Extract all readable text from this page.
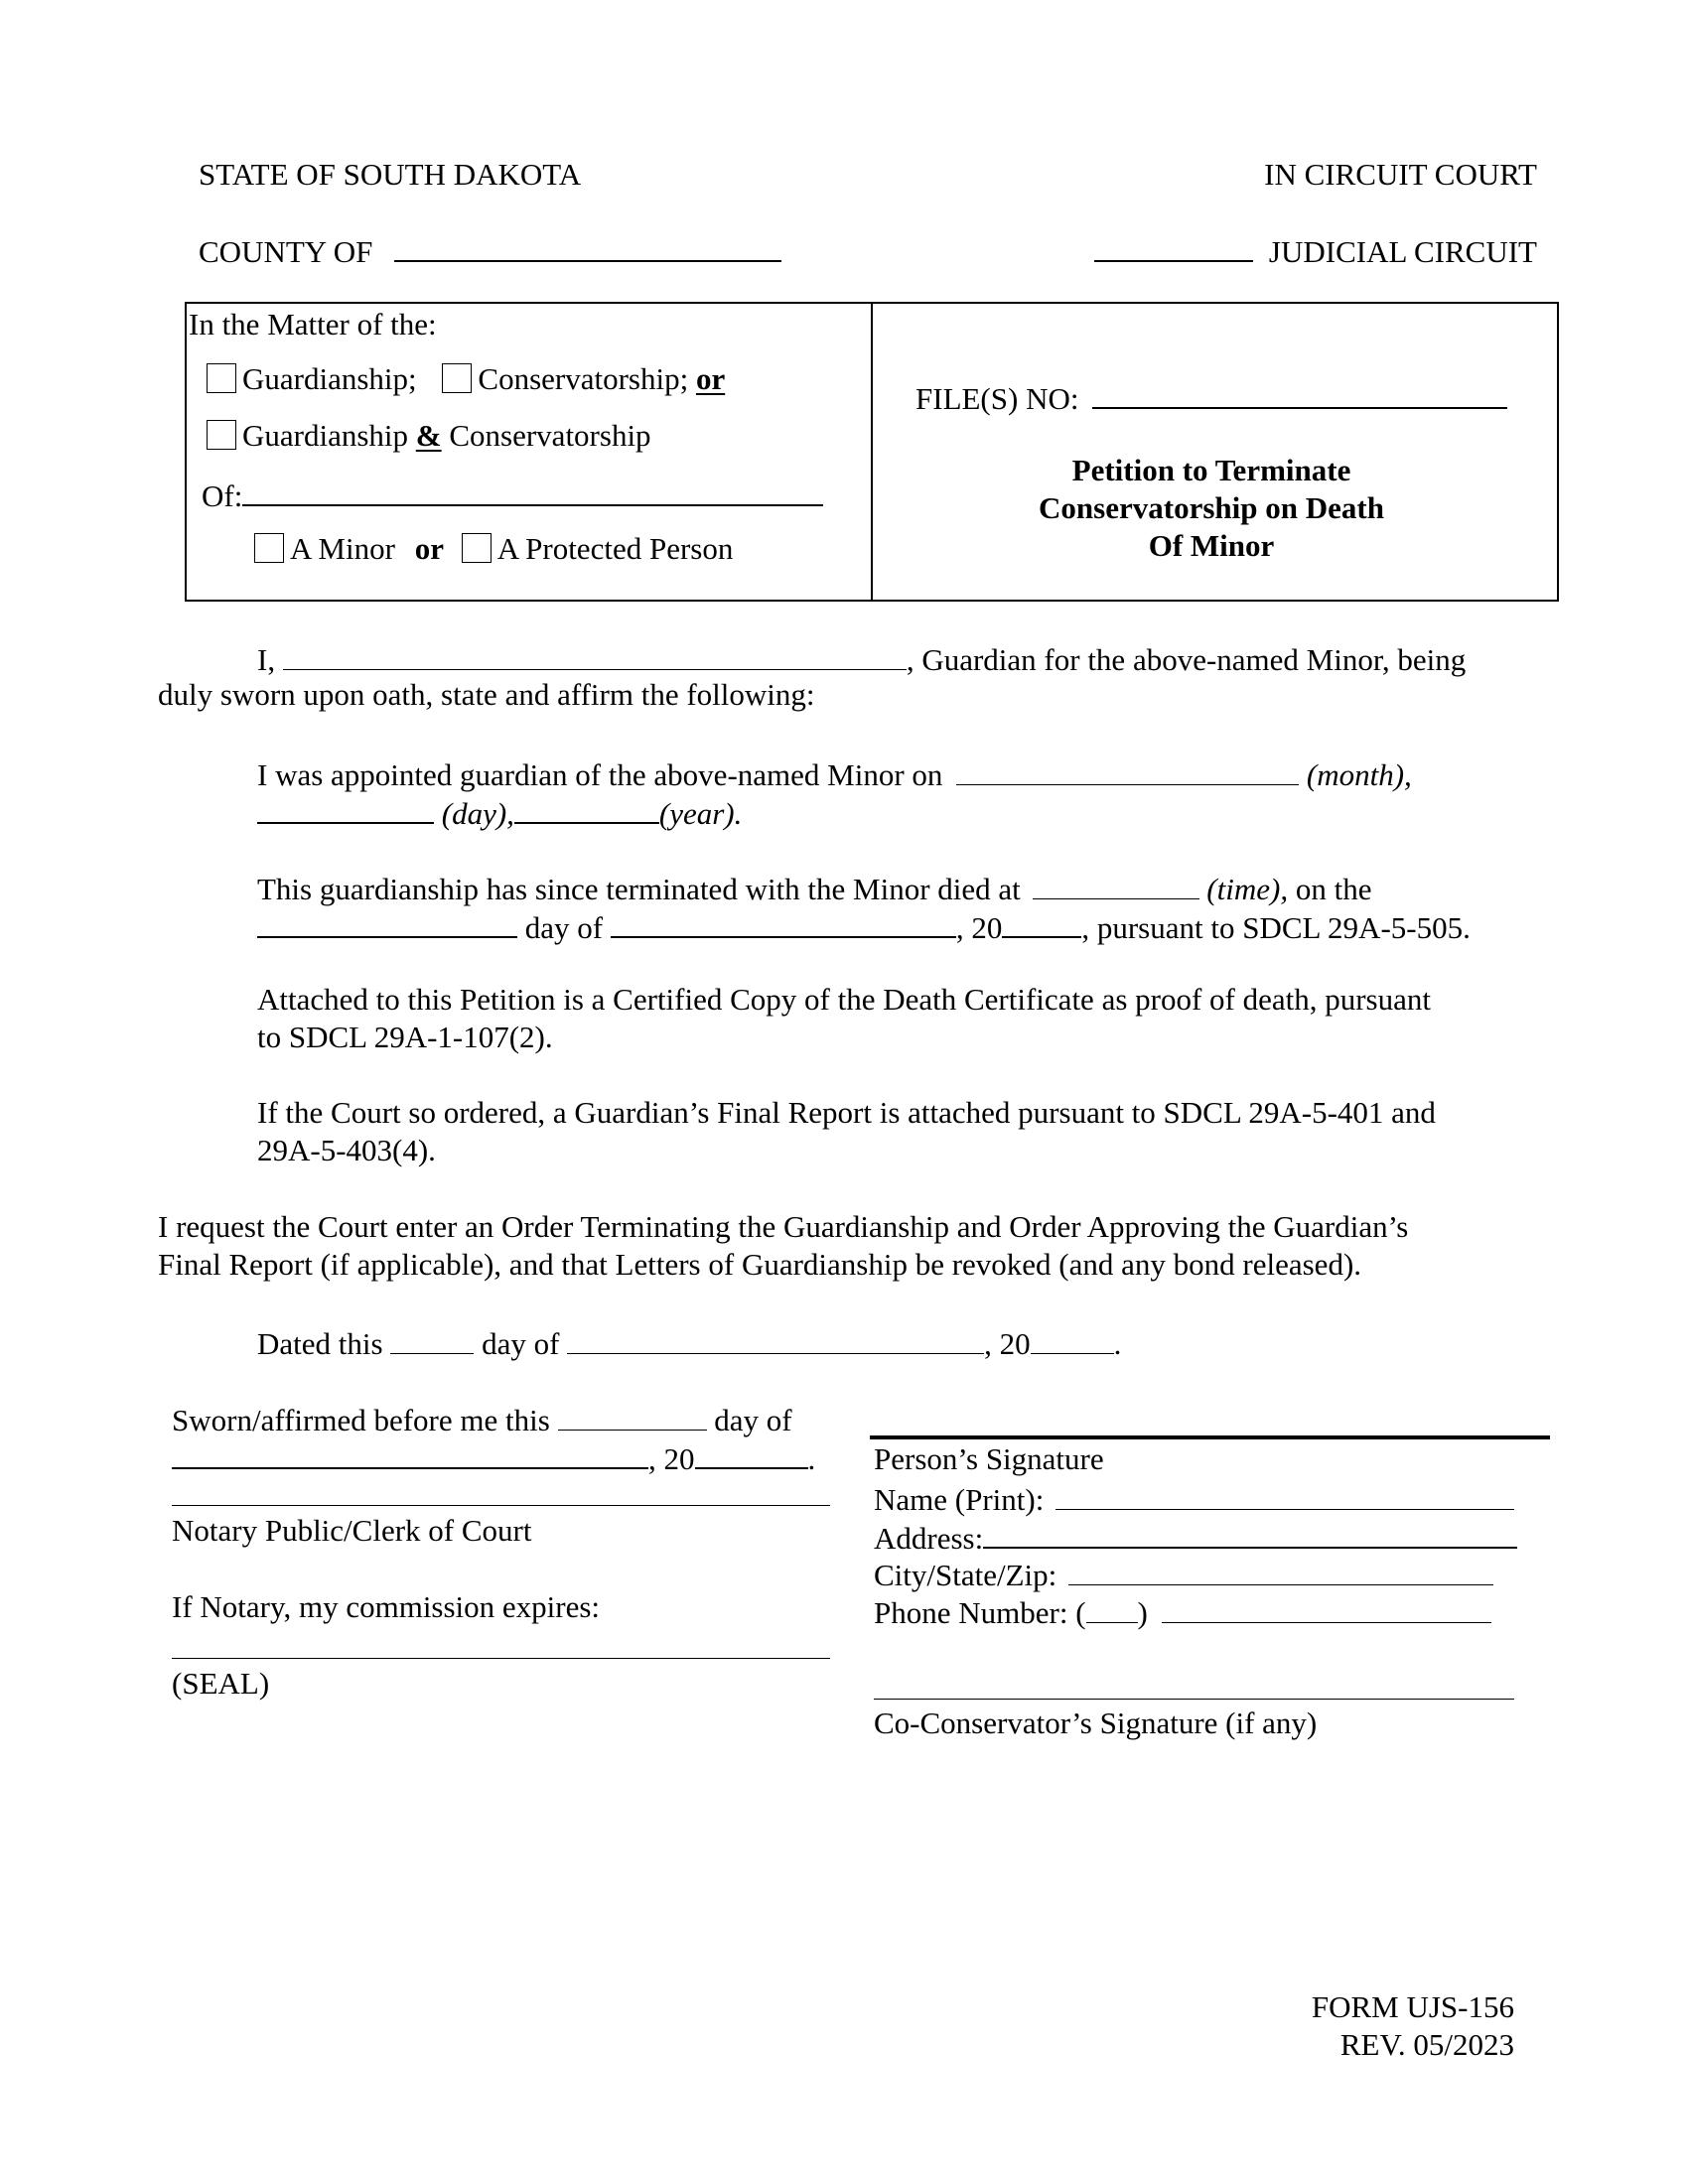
STATE OF SOUTH DAKOTA	IN CIRCUIT COURT
COUNTY OF	JUDICIAL CIRCUIT
In the Matter of the:
Guardianship; Conservatorship; or
Guardianship & Conservatorship
Of:
A Minor or A Protected Person
FILE(S) NO:
Petition to Terminate
Conservatorship on Death
Of Minor
I,	, Guardian for the above-named Minor, being
duly sworn upon oath, state and affirm the following:
I was appointed guardian of the above-named Minor on	(month),
(day),	(year).
This guardianship has since terminated with the Minor died at	(time), on the
day of	, 20	, pursuant to SDCL 29A-5-505.
Attached to this Petition is a Certified Copy of the Death Certificate as proof of death, pursuant
to SDCL 29A-1-107(2).
If the Court so ordered, a Guardian’s Final Report is attached pursuant to SDCL 29A-5-401 and
29A-5-403(4).
I request the Court enter an Order Terminating the Guardianship and Order Approving the Guardian’s
Final Report (if applicable), and that Letters of Guardianship be revoked (and any bond released).
Dated this	day of	, 20	.
Sworn/affirmed before me this	day of
, 20	.
Notary Public/Clerk of Court
If Notary, my commission expires:
(SEAL)
Person’s Signature
Name (Print):
Address:
City/State/Zip:
Phone Number: ( )
Co-Conservator’s Signature (if any)
FORM UJS-156
REV. 05/2023
